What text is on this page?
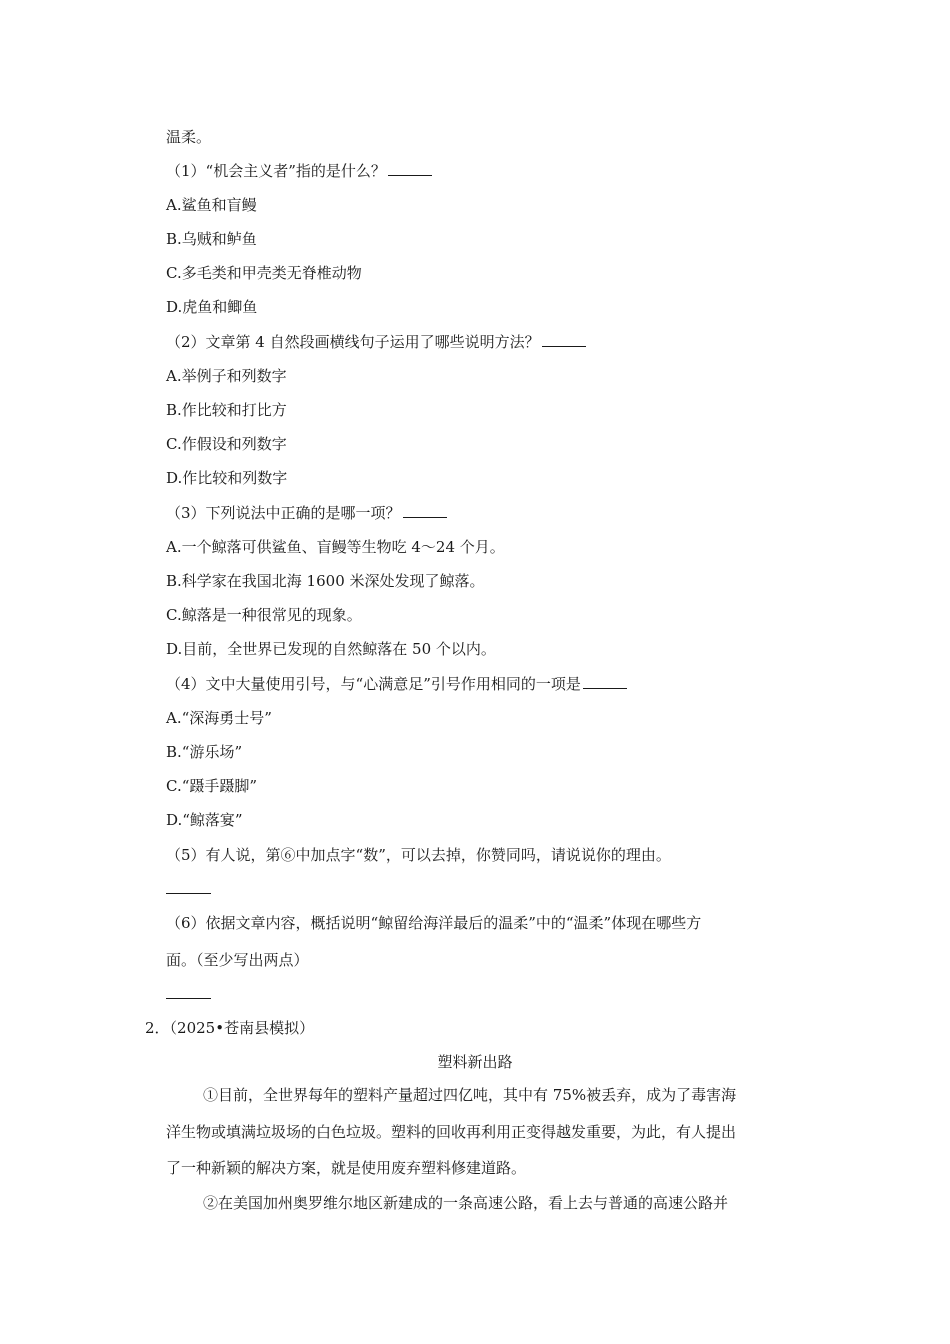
温柔。
（1）“机会主义者”指的是什么？
A.鲨鱼和盲鳗
B.乌贼和鲈鱼
C.多毛类和甲壳类无脊椎动物
D.虎鱼和鲫鱼
（2）文章第 4 自然段画横线句子运用了哪些说明方法？
A.举例子和列数字
B.作比较和打比方
C.作假设和列数字
D.作比较和列数字
（3）下列说法中正确的是哪一项？
A.一个鲸落可供鲨鱼、盲鳗等生物吃 4～24 个月。
B.科学家在我国北海 1600 米深处发现了鲸落。
C.鲸落是一种很常见的现象。
D.目前，全世界已发现的自然鲸落在 50 个以内。
（4）文中大量使用引号，与“心满意足”引号作用相同的一项是
A.“深海勇士号”
B.“游乐场”
C.“蹑手蹑脚”
D.“鲸落宴”
（5）有人说，第⑥中加点字“数”，可以去掉，你赞同吗，请说说你的理由。
（6）依据文章内容，概括说明“鲸留给海洋最后的温柔”中的“温柔”体现在哪些方
面。（至少写出两点）
2．（2025•苍南县模拟）
塑料新出路
①目前，全世界每年的塑料产量超过四亿吨，其中有 75%被丢弃，成为了毒害海
洋生物或填满垃圾场的白色垃圾。塑料的回收再利用正变得越发重要，为此，有人提出
了一种新颖的解决方案，就是使用废弃塑料修建道路。
②在美国加州奥罗维尔地区新建成的一条高速公路，看上去与普通的高速公路并
